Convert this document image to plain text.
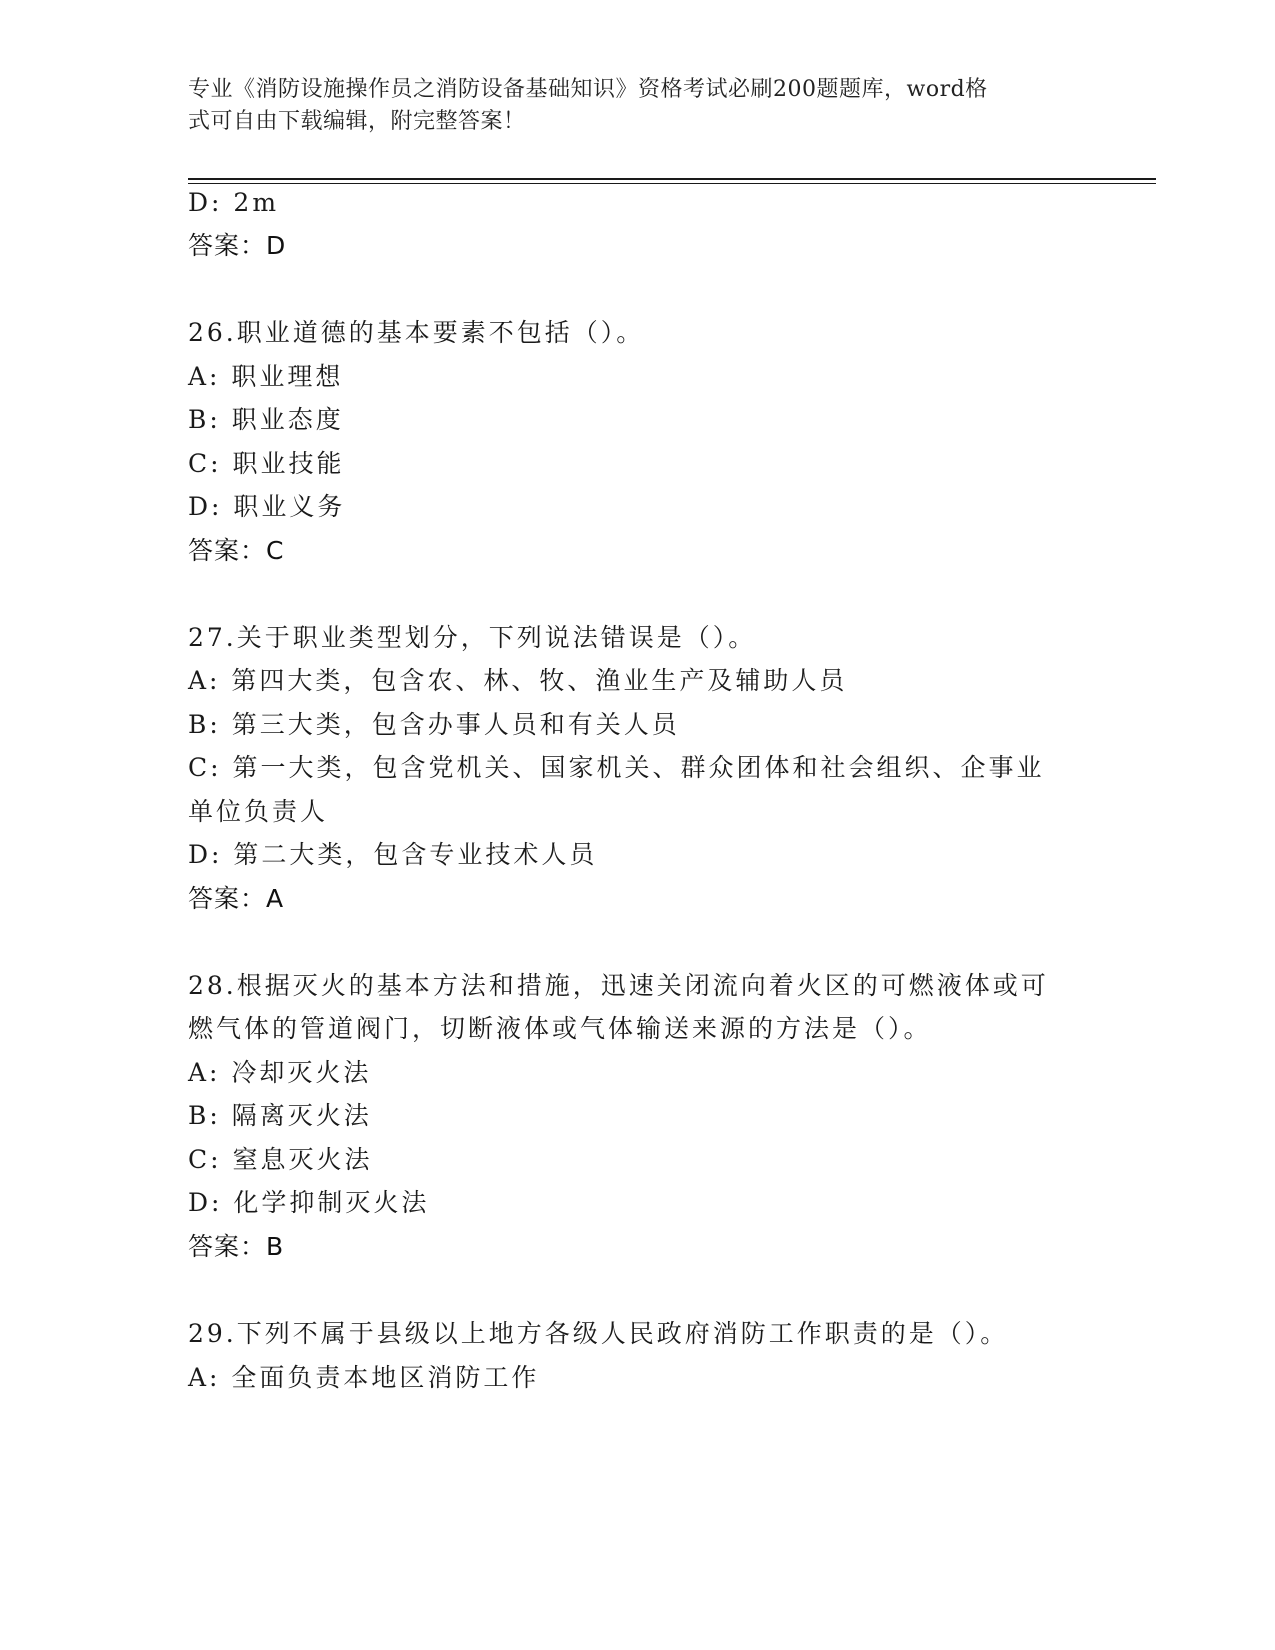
专业《消防设施操作员之消防设备基础知识》资格考试必刷200题题库，word格
式可自由下载编辑，附完整答案！
D: 2m
答案：D
26.职业道德的基本要素不包括（）。
A: 职业理想
B: 职业态度
C: 职业技能
D: 职业义务
答案：C
27.关于职业类型划分，下列说法错误是（）。
A: 第四大类，包含农、林、牧、渔业生产及辅助人员
B: 第三大类，包含办事人员和有关人员
C: 第一大类，包含党机关、国家机关、群众团体和社会组织、企事业
单位负责人
D: 第二大类，包含专业技术人员
答案：A
28.根据灭火的基本方法和措施，迅速关闭流向着火区的可燃液体或可
燃气体的管道阀门，切断液体或气体输送来源的方法是（）。
A: 冷却灭火法
B: 隔离灭火法
C: 窒息灭火法
D: 化学抑制灭火法
答案：B
29.下列不属于县级以上地方各级人民政府消防工作职责的是（）。
A: 全面负责本地区消防工作
